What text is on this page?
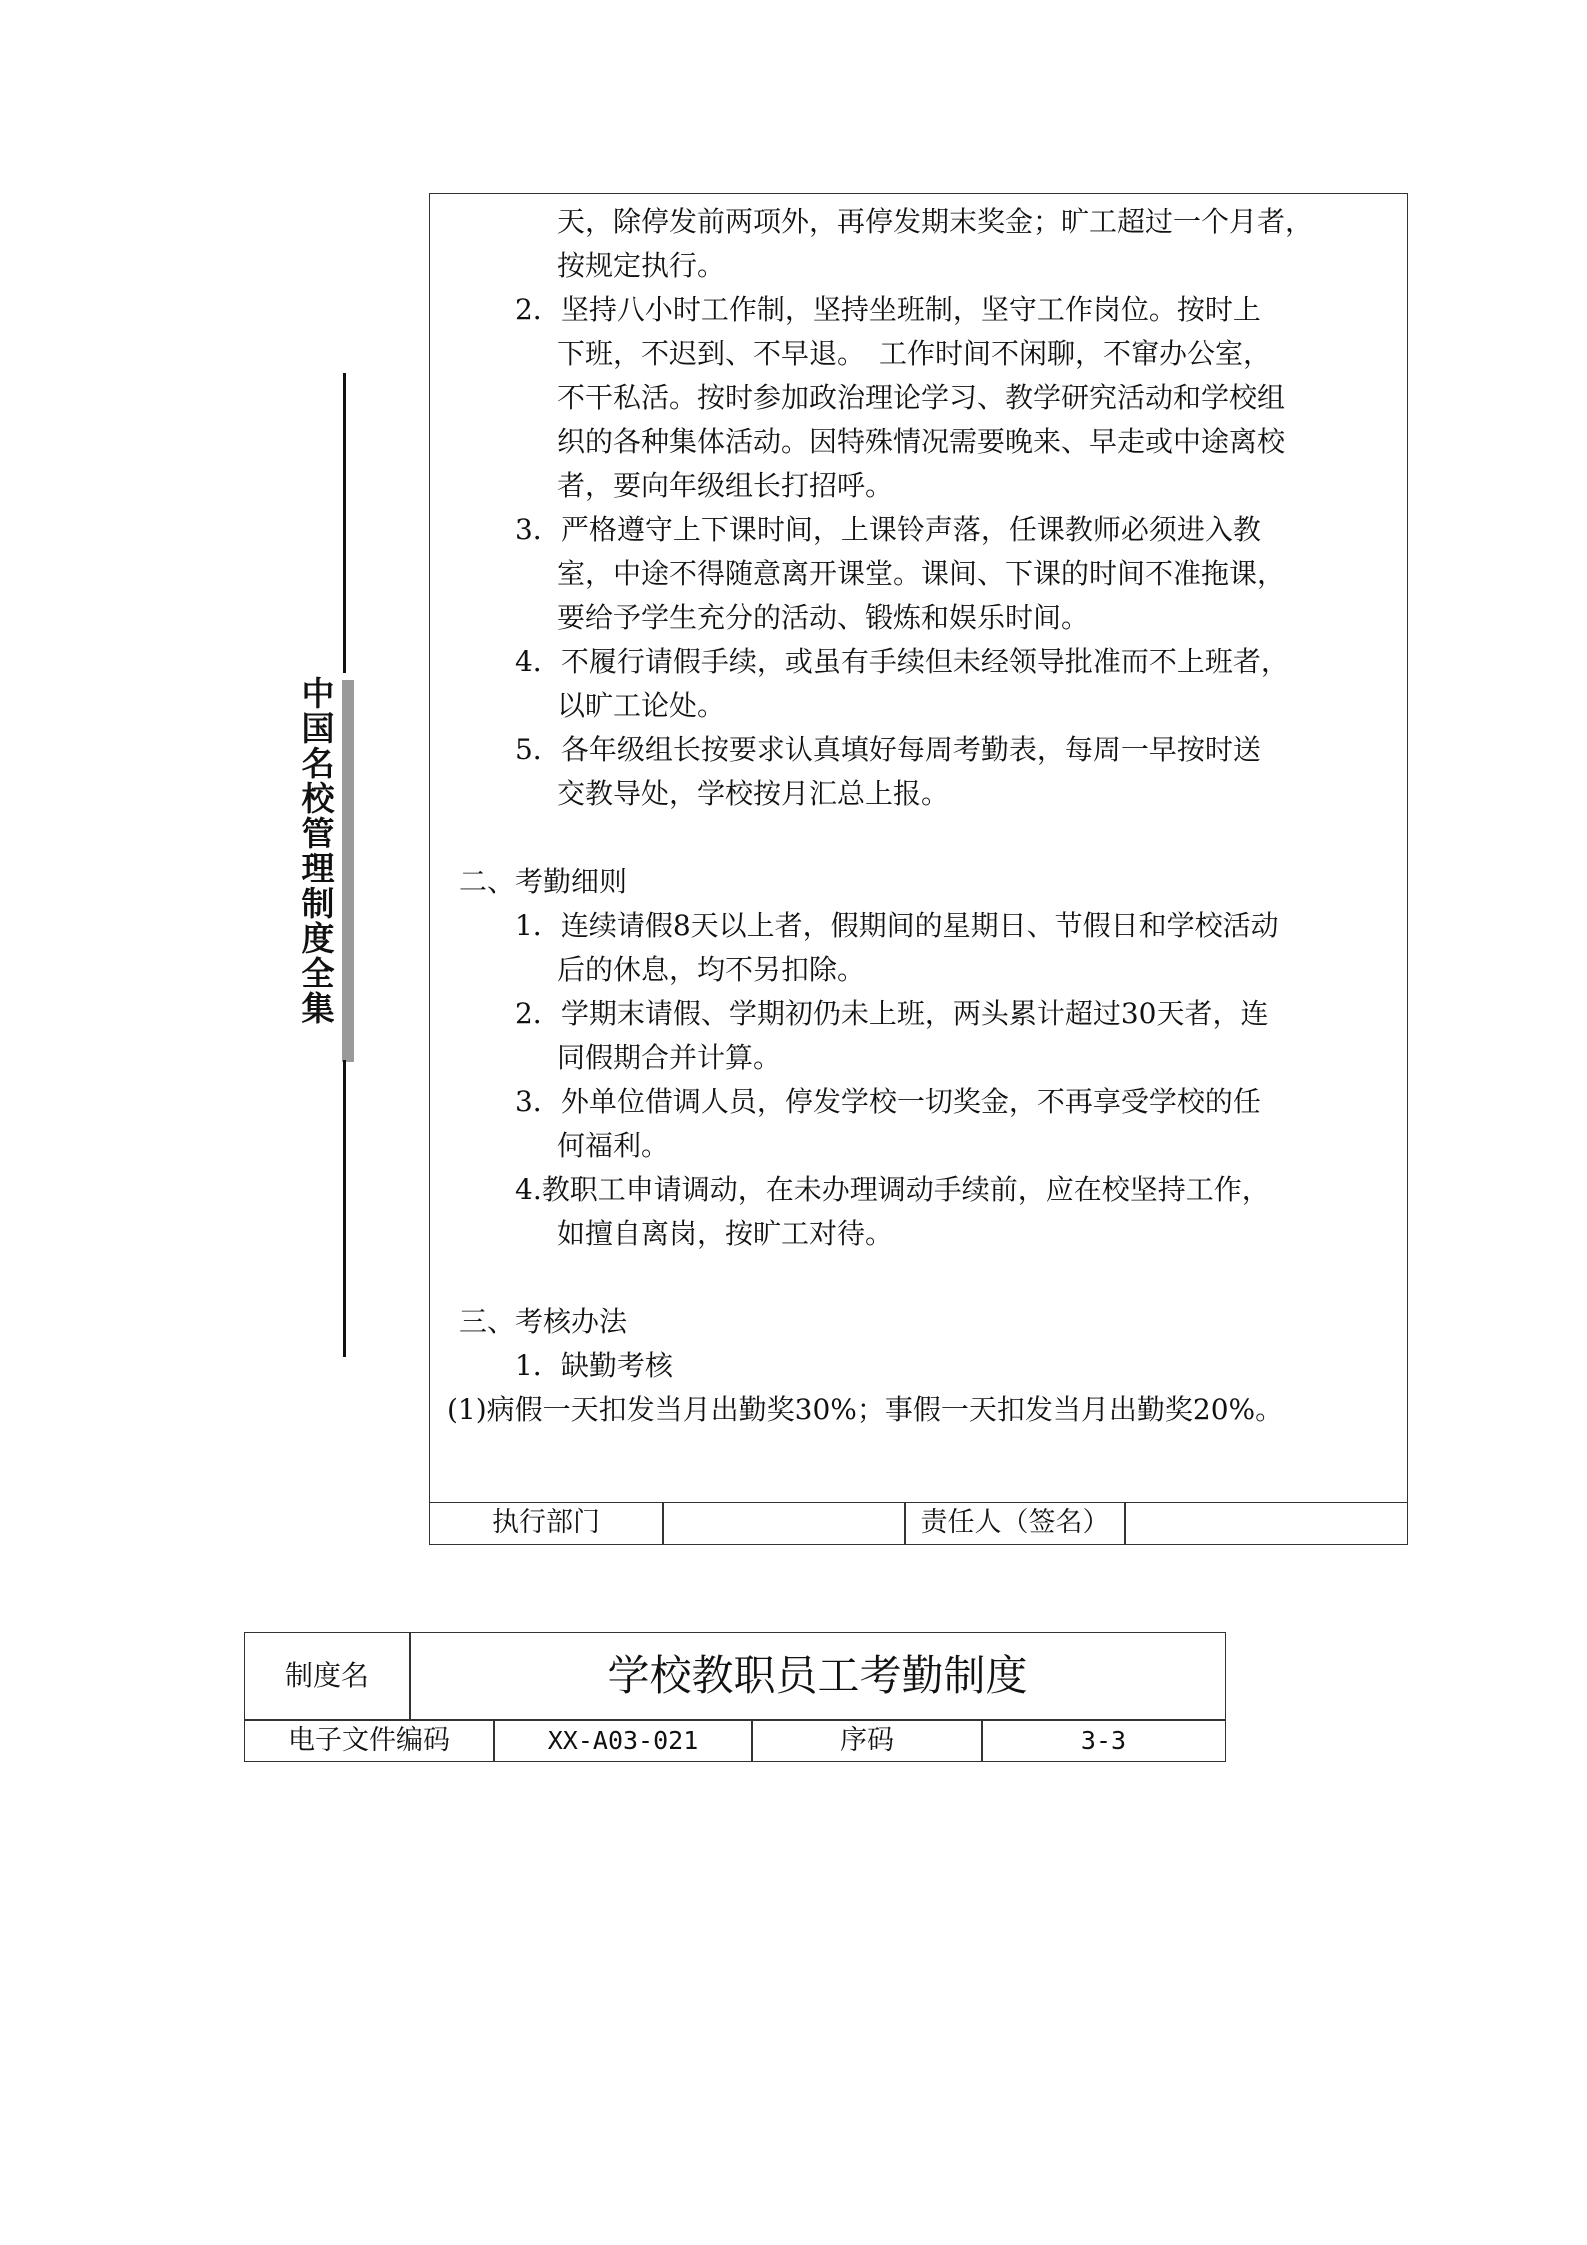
中国名校管理制度全集
天，除停发前两项外，再停发期末奖金；旷工超过一个月者，
按规定执行。
2．坚持八小时工作制，坚持坐班制，坚守工作岗位。按时上
下班，不迟到、不早退。　工作时间不闲聊，不窜办公室，
不干私活。按时参加政治理论学习、教学研究活动和学校组
织的各种集体活动。因特殊情况需要晚来、早走或中途离校
者，要向年级组长打招呼。
3．严格遵守上下课时间，上课铃声落，任课教师必须进入教
室，中途不得随意离开课堂。课间、下课的时间不准拖课，
要给予学生充分的活动、锻炼和娱乐时间。
4．不履行请假手续，或虽有手续但未经领导批准而不上班者，
以旷工论处。
5．各年级组长按要求认真填好每周考勤表，每周一早按时送
交教导处，学校按月汇总上报。
二、考勤细则
1．连续请假8天以上者，假期间的星期日、节假日和学校活动
后的休息，均不另扣除。
2．学期末请假、学期初仍未上班，两头累计超过30天者，连
同假期合并计算。
3．外单位借调人员，停发学校一切奖金，不再享受学校的任
何福利。
4.教职工申请调动，在未办理调动手续前，应在校坚持工作，
如擅自离岗，按旷工对待。
三、考核办法
1．缺勤考核
(1)病假一天扣发当月出勤奖30%；事假一天扣发当月出勤奖20%。
执行部门	责任人（签名）
制度名	学校教职员工考勤制度
电子文件编码	XX-A03-021	序码	3-3
